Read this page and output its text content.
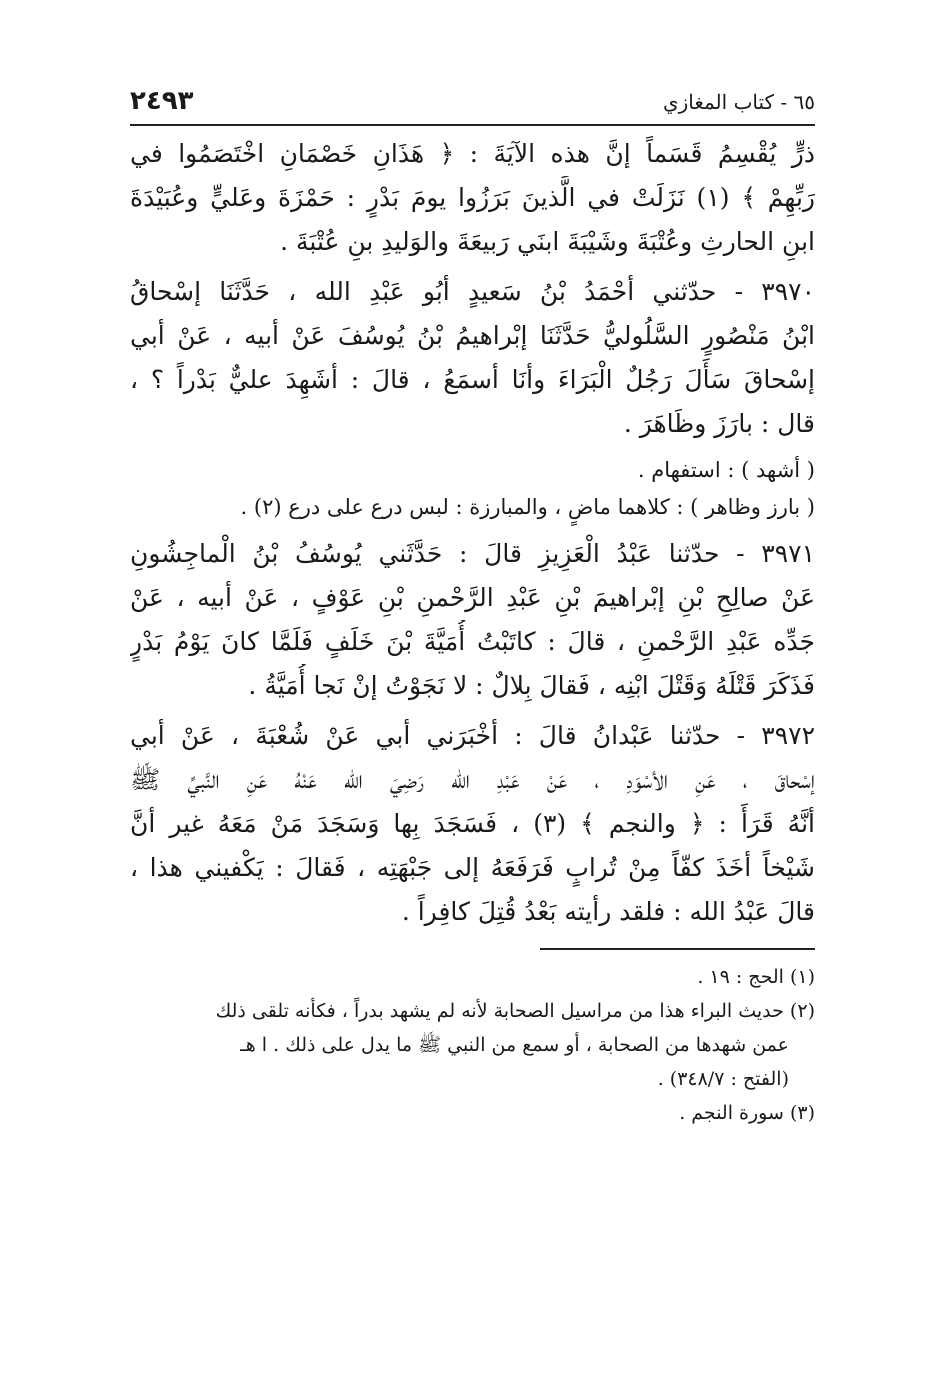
٦٥ - كتاب المغازي
٢٤٩٣
ذرٍّ يُقْسِمُ قَسَماً إنَّ هذه الآيَةَ : ﴿ هَذَانِ خَصْمَانِ اخْتَصَمُوا في
رَبِّهِمْ ﴾ (١) نَزَلَتْ في الَّذينَ بَرَزُوا يومَ بَدْرٍ : حَمْزَةَ وعَليٍّ وعُبَيْدَةَ
ابنِ الحارثِ وعُتْبَةَ وشَيْبَةَ ابنَي رَبيعَةَ والوَليدِ بنِ عُتْبَةَ .
٣٩٧٠ - حدّثني أحْمَدُ بْنُ سَعيدٍ أبُو عَبْدِ الله ، حَدَّثَنَا إسْحاقُ
ابْنُ مَنْصُورٍ السَّلُوليُّ حَدَّثَنَا إبْراهيمُ بْنُ يُوسُفَ عَنْ أبيه ، عَنْ أبي
إسْحاقَ سَأَلَ رَجُلٌ الْبَرَاءَ وأنَا أسمَعُ ، قالَ : أشَهِدَ عليٌّ بَدْراً ؟ ،
قال : بارَزَ وظَاهَرَ .
( أشهد ) : استفهام .
( بارز وظاهر ) : كلاهما ماضٍ ، والمبارزة : لبس درع على درع (٢) .
٣٩٧١ - حدّثنا عَبْدُ الْعَزِيزِ قالَ : حَدَّثَني يُوسُفُ بْنُ الْماجِشُونِ
عَنْ صالِحِ بْنِ إبْراهيمَ بْنِ عَبْدِ الرَّحْمنِ بْنِ عَوْفٍ ، عَنْ أبيه ، عَنْ
جَدِّه عَبْدِ الرَّحْمنِ ، قالَ : كاتَبْتُ أُمَيَّةَ بْنَ خَلَفٍ فَلَمَّا كانَ يَوْمُ بَدْرٍ
فَذَكَرَ قَتْلَهُ وَقَتْلَ ابْنِه ، فَقالَ بِلالٌ : لا نَجَوْتُ إنْ نَجا أُمَيَّةُ .
٣٩٧٢ - حدّثنا عَبْدانُ قالَ : أخْبَرَني أبي عَنْ شُعْبَةَ ، عَنْ أبي
إسْحاقَ ، عَنِ الأسْوَدِ ، عَنْ عَبْدِ الله رَضِيَ الله عَنْهُ عَنِ النَّبيِّ ﷺ
أنَّهُ قَرَأَ : ﴿ والنجم ﴾ (٣) ، فَسَجَدَ بِها وَسَجَدَ مَنْ مَعَهُ غير أنَّ
شَيْخاً أخَذَ كفّاً مِنْ تُرابٍ فَرَفَعَهُ إلى جَبْهَتِه ، فَقالَ : يَكْفيني هذا ،
قالَ عَبْدُ الله : فلقد رأيته بَعْدُ قُتِلَ كافِراً .
(١) الحج : ١٩ .
(٢) حديث البراء هذا من مراسيل الصحابة لأنه لم يشهد بدراً ، فكأنه تلقى ذلك
عمن شهدها من الصحابة ، أو سمع من النبي ﷺ ما يدل على ذلك . ا هـ
(الفتح : ٣٤٨/٧) .
(٣) سورة النجم .
